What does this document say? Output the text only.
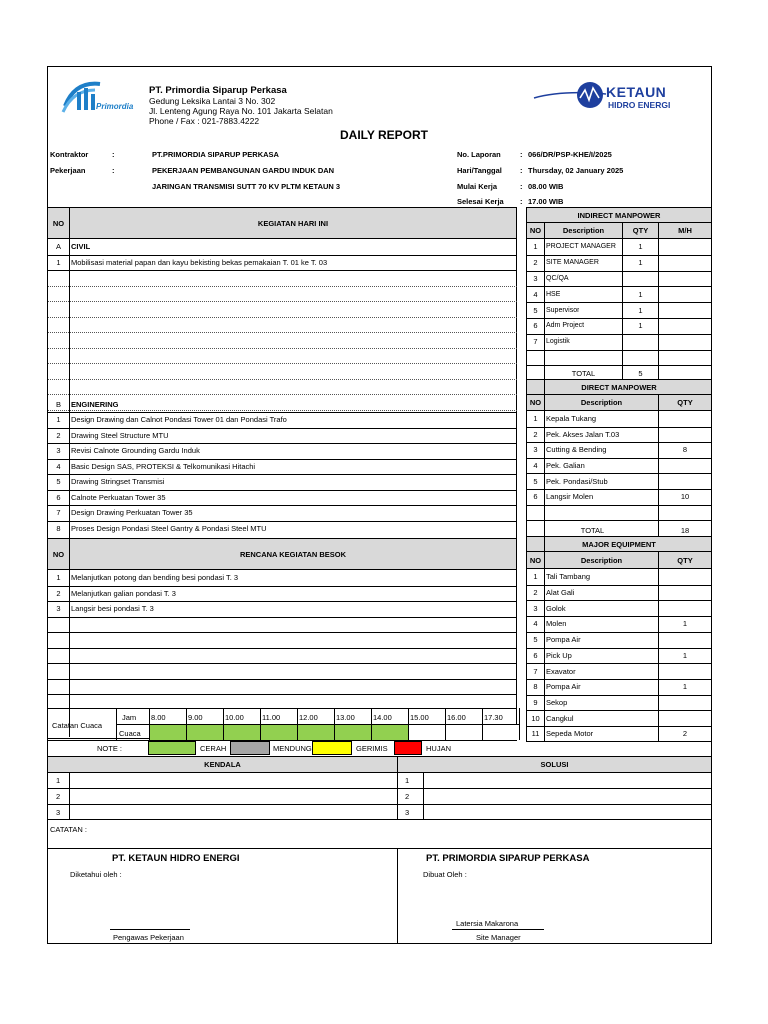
Primordia
PT. Primordia Siparup Perkasa
Gedung Leksika Lantai 3 No. 302
Jl. Lenteng Agung Raya No. 101 Jakarta Selatan
Phone / Fax : 021-7883.4222
KETAUN
HIDRO ENERGI
DAILY REPORT
Kontraktor	:	PT.PRIMORDIA SIPARUP PERKASA
Pekerjaan	:	PEKERJAAN PEMBANGUNAN GARDU INDUK DAN
JARINGAN TRANSMISI SUTT 70 KV PLTM KETAUN 3
No. Laporan	: 066/DR/PSP-KHE/I/2025
Hari/Tanggal : Thursday, 02 January 2025
Mulai Kerja	: 08.00 WIB
Selesai Kerja : 17.00 WIB
NO	KEGIATAN HARI INI
A	CIVIL
1	Mobilisasi material papan dan kayu bekisting bekas pemakaian T. 01 ke T. 03
B	ENGINERING
1	Design Drawing dan Calnot Pondasi Tower 01 dan Pondasi Trafo
2	Drawing Steel Structure MTU
3	Revisi Calnote Grounding Gardu Induk
4	Basic Design SAS, PROTEKSI & Telkomunikasi Hitachi
5	Drawing Stringset Transmisi
6	Calnote Perkuatan Tower 35
7	Design Drawing Perkuatan Tower 35
8	Proses Design Pondasi Steel Gantry & Pondasi Steel MTU
NO	RENCANA KEGIATAN BESOK
1	Melanjutkan potong dan bending besi pondasi T. 3
2	Melanjutkan galian pondasi T. 3
3	Langsir besi pondasi T. 3
Catatan Cuaca
Jam
Cuaca
8.00	9.00	10.00 11.00	12.00 13.00 14.00 15.00 16.00 17.30
NOTE :	CERAH	MENDUNG	GERIMIS	HUJAN
INDIRECT MANPOWER
NO	Description	QTY	M/H
1	PROJECT MANAGER	1
2	SITE MANAGER	1
3	QC/QA
4	HSE	1
5	Supervisor	1
6	Adm Project	1
7	Logistik
TOTAL	5
DIRECT MANPOWER
NO	Description	QTY
1	Kepala Tukang
2	Pek. Akses Jalan T.03
3	Cutting & Bending	8
4	Pek. Galian
5	Pek. Pondasi/Stub
6	Langsir Molen	10
TOTAL	18
MAJOR EQUIPMENT
NO	Description	QTY
1	Tali Tambang
2	Alat Gali
3	Golok
4	Molen	1
5	Pompa Air
6	Pick Up	1
7	Exavator
8	Pompa Air	1
9	Sekop
10 Cangkul
11 Sepeda Motor	2
KENDALA	SOLUSI
1	1
2	2
3	3
CATATAN :
PT. KETAUN HIDRO ENERGI
Diketahui oleh :
Pengawas Pekerjaan
PT. PRIMORDIA SIPARUP PERKASA
Dibuat Oleh :
Latersia Makarona
Site Manager
